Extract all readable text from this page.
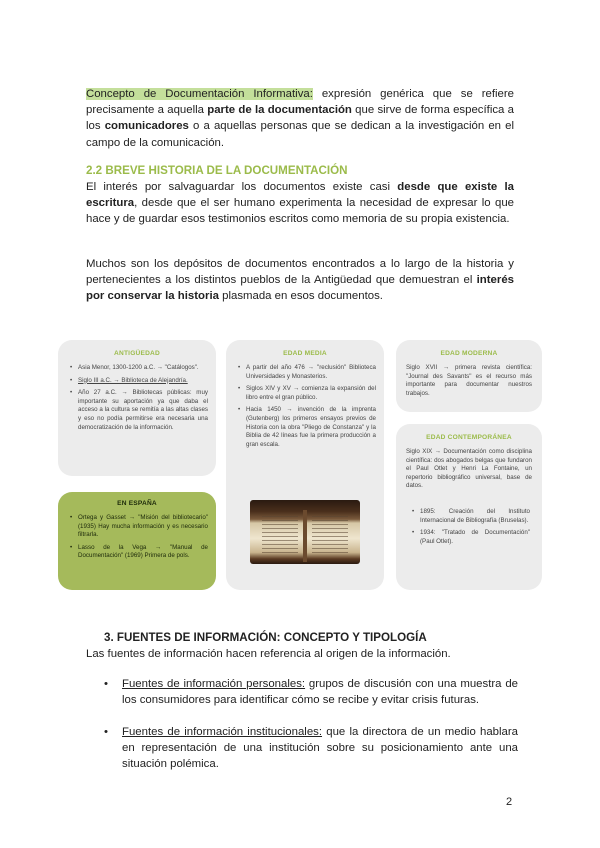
Concepto de Documentación Informativa: expresión genérica que se refiere precisamente a aquella parte de la documentación que sirve de forma específica a los comunicadores o a aquellas personas que se dedican a la investigación en el campo de la comunicación.
2.2 BREVE HISTORIA DE LA DOCUMENTACIÓN
El interés por salvaguardar los documentos existe casi desde que existe la escritura, desde que el ser humano experimenta la necesidad de expresar lo que hace y de guardar esos testimonios escritos como memoria de su propia existencia.
Muchos son los depósitos de documentos encontrados a lo largo de la historia y pertenecientes a los distintos pueblos de la Antigüedad que demuestran el interés por conservar la historia plasmada en esos documentos.
ANTIGÜEDAD
• Asia Menor, 1300-1200 a.C. → "Catálogos".
• Siglo III a.C. → Biblioteca de Alejandría.
• Año 27 a.C. → Bibliotecas públicas: muy importante su aportación ya que daba el acceso a la cultura se remitía a las altas clases y eso no podía permitirse era necesaria una democratización de la información.
EN ESPAÑA
• Ortega y Gasset → "Misión del bibliotecario" (1935) Hay mucha información y es necesario filtrarla.
• Lasso de la Vega → "Manual de Documentación" (1969) Primera de pols.
EDAD MEDIA
• A partir del año 476 → "reclusión" Biblioteca Universidades y Monasterios.
• Siglos XIV y XV → comienza la expansión del libro entre el gran público.
• Hacia 1450 → invención de la imprenta (Gutenberg) los primeros ensayos previos de Historia con la obra "Pliego de Constanza" y la Biblia de 42 líneas fue la primera producción a gran escala.
EDAD MODERNA
Siglo XVII → primera revista científica: "Journal des Savants" es el recurso más importante para documentar nuestros trabajos.
EDAD CONTEMPORÁNEA
Siglo XIX → Documentación como disciplina científica: dos abogados belgas que fundaron el Paul Otlet y Henri La Fontaine, un repertorio bibliográfico universal, base de datos.
• 1895: Creación del Instituto Internacional de Bibliografía (Bruselas).
• 1934: "Tratado de Documentación" (Paul Otlet).
3. FUENTES DE INFORMACIÓN: CONCEPTO Y TIPOLOGÍA
Las fuentes de información hacen referencia al origen de la información.
• Fuentes de información personales: grupos de discusión con una muestra de los consumidores para identificar cómo se recibe y evitar crisis futuras.
• Fuentes de información institucionales: que la directora de un medio hablara en representación de una institución sobre su posicionamiento ante una situación polémica.
2
